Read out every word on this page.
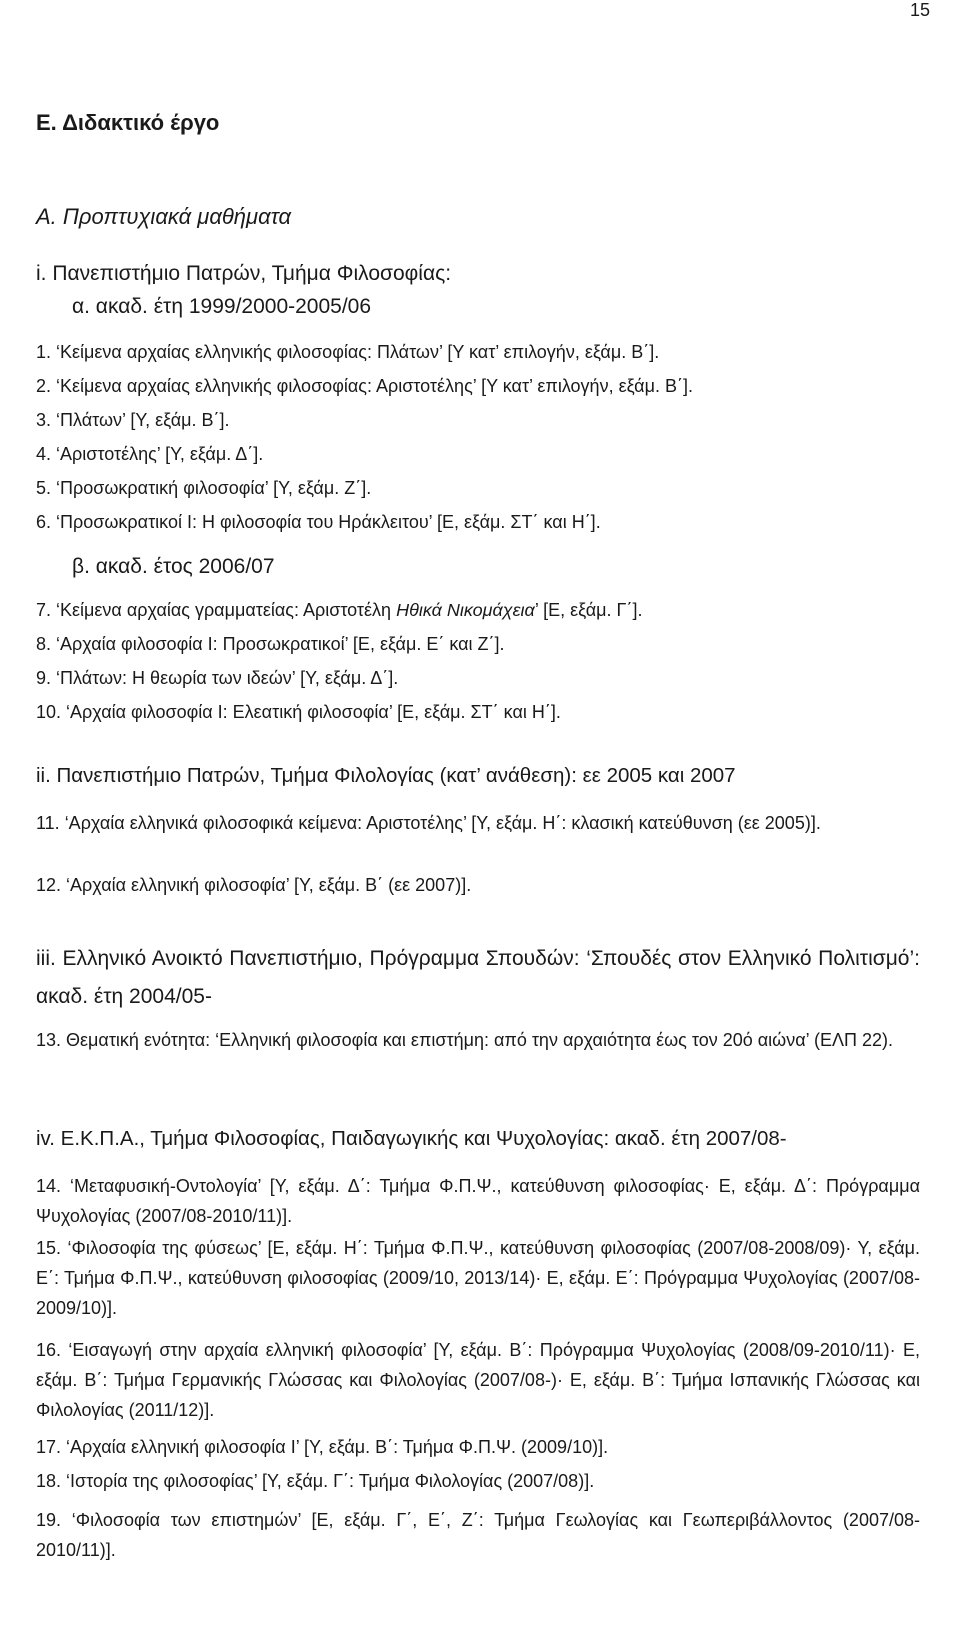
15
Ε. Διδακτικό έργο
Α. Προπτυχιακά μαθήματα
i. Πανεπιστήμιο Πατρών, Τμήμα Φιλοσοφίας:
α. ακαδ. έτη 1999/2000-2005/06
1. ‘Κείμενα αρχαίας ελληνικής φιλοσοφίας: Πλάτων’ [Υ κατ’ επιλογήν, εξάμ. Β΄].
2. ‘Κείμενα αρχαίας ελληνικής φιλοσοφίας: Αριστοτέλης’ [Υ κατ’ επιλογήν, εξάμ. Β΄].
3. ‘Πλάτων’ [Υ, εξάμ. Β΄].
4. ‘Αριστοτέλης’ [Υ, εξάμ. Δ΄].
5. ‘Προσωκρατική φιλοσοφία’ [Υ, εξάμ. Ζ΄].
6. ‘Προσωκρατικοί Ι: Η φιλοσοφία του Ηράκλειτου’ [Ε, εξάμ. ΣΤ΄ και Η΄].
β. ακαδ. έτος 2006/07
7. ‘Κείμενα αρχαίας γραμματείας: Αριστοτέλη Ηθικά Νικομάχεια’ [Ε, εξάμ. Γ΄].
8. ‘Αρχαία φιλοσοφία Ι: Προσωκρατικοί’ [Ε, εξάμ. Ε΄ και Ζ΄].
9. ‘Πλάτων: Η θεωρία των ιδεών’ [Υ, εξάμ. Δ΄].
10. ‘Αρχαία φιλοσοφία Ι: Ελεατική φιλοσοφία’ [Ε, εξάμ. ΣΤ΄ και Η΄].
ii. Πανεπιστήμιο Πατρών, Τμήμα Φιλολογίας (κατ’ ανάθεση): εε 2005 και 2007
11. ‘Αρχαία ελληνικά φιλοσοφικά κείμενα: Αριστοτέλης’ [Υ, εξάμ. Η΄: κλασική κατεύθυνση (εε 2005)].
12. ‘Αρχαία ελληνική φιλοσοφία’ [Υ, εξάμ. Β΄ (εε 2007)].
iii. Ελληνικό Ανοικτό Πανεπιστήμιο, Πρόγραμμα Σπουδών: ‘Σπουδές στον Ελληνικό Πολιτισμό’: ακαδ. έτη 2004/05-
13. Θεματική ενότητα: ‘Ελληνική φιλοσοφία και επιστήμη: από την αρχαιότητα έως τον 20ό αιώνα’ (ΕΛΠ 22).
iv. Ε.Κ.Π.Α., Τμήμα Φιλοσοφίας, Παιδαγωγικής και Ψυχολογίας: ακαδ. έτη 2007/08-
14. ‘Μεταφυσική-Οντολογία’ [Υ, εξάμ. Δ΄: Τμήμα Φ.Π.Ψ., κατεύθυνση φιλοσοφίας· Ε, εξάμ. Δ΄: Πρόγραμμα Ψυχολογίας (2007/08-2010/11)].
15. ‘Φιλοσοφία της φύσεως’ [Ε, εξάμ. Η΄: Τμήμα Φ.Π.Ψ., κατεύθυνση φιλοσοφίας (2007/08-2008/09)· Υ, εξάμ. Ε΄: Τμήμα Φ.Π.Ψ., κατεύθυνση φιλοσοφίας (2009/10, 2013/14)· Ε, εξάμ. Ε΄: Πρόγραμμα Ψυχολογίας (2007/08-2009/10)].
16. ‘Εισαγωγή στην αρχαία ελληνική φιλοσοφία’ [Υ, εξάμ. Β΄: Πρόγραμμα Ψυχολογίας (2008/09-2010/11)· Ε, εξάμ. Β΄: Τμήμα Γερμανικής Γλώσσας και Φιλολογίας (2007/08-)· Ε, εξάμ. Β΄: Τμήμα Ισπανικής Γλώσσας και Φιλολογίας (2011/12)].
17. ‘Αρχαία ελληνική φιλοσοφία Ι’ [Υ, εξάμ. Β΄: Τμήμα Φ.Π.Ψ. (2009/10)].
18. ‘Ιστορία της φιλοσοφίας’ [Υ, εξάμ. Γ΄: Τμήμα Φιλολογίας (2007/08)].
19. ‘Φιλοσοφία των επιστημών’ [Ε, εξάμ. Γ΄, Ε΄, Ζ΄: Τμήμα Γεωλογίας και Γεωπεριβάλλοντος (2007/08-2010/11)].
